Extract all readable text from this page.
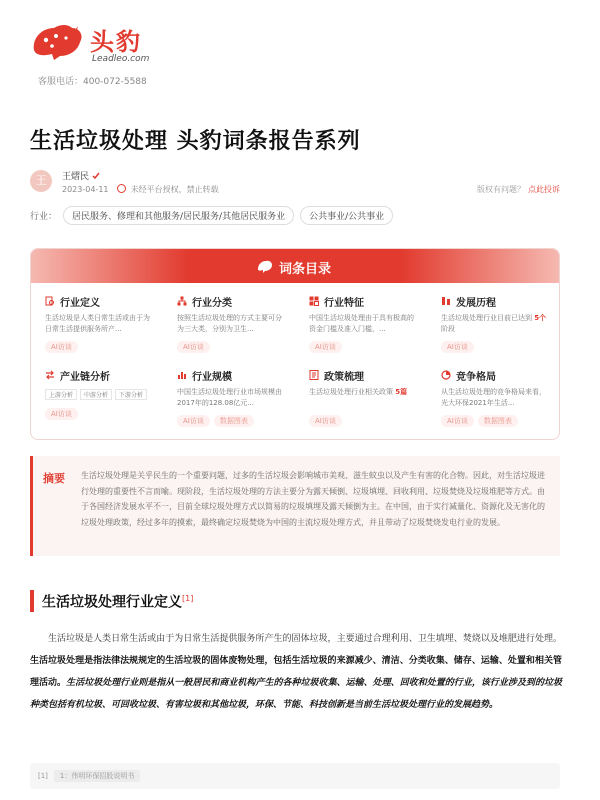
头豹
Leadleo.com
客服电话：400-072-5588
生活垃圾处理 头豹词条报告系列
王	王熠民
2023-04-11	未经平台授权，禁止转载	版权有问题？ 点此投诉
行业：	居民服务、修理和其他服务/居民服务/其他居民服务业	公共事业/公共事业
词条目录
行业定义
生活垃圾是人类日常生活或由于为日常生活提供服务所产...
AI访谈
行业分类
按照生活垃圾处理的方式主要可分为三大类，分别为卫生...
AI访谈
行业特征
中国生活垃圾处理由于具有极高的资金门槛及准入门槛，...
AI访谈
发展历程
生活垃圾处理行业目前已达到 5个阶段
AI访谈
产业链分析
上游分析	中游分析	下游分析
AI访谈
行业规模
中国生活垃圾处理行业市场规模由2017年的128.08亿元...
AI访谈	数据图表
政策梳理
生活垃圾处理行业相关政策 5篇
AI访谈
竞争格局
从生活垃圾处理的竞争格局来看，光大环保2021年生活...
AI访谈	数据图表
摘要 生活垃圾处理是关乎民生的一个重要问题，过多的生活垃圾会影响城市美观、滋生蚊虫以及产生有害的化合物。因此，对生活垃圾进行处理的重要性不言而喻。现阶段，生活垃圾处理的方法主要分为露天倾倒、垃圾填埋、回收利用、垃圾焚烧及垃圾堆肥等方式。由于各国经济发展水平不一，目前全球垃圾处理方式以简易的垃圾填埋及露天倾倒为主。在中国，由于实行减量化、资源化及无害化的垃圾处理政策，经过多年的摸索，最终确定垃圾焚烧为中国的主流垃圾处理方式，并且带动了垃圾焚烧发电行业的发展。

生活垃圾处理行业定义[1]

生活垃圾是人类日常生活或由于为日常生活提供服务所产生的固体垃圾，主要通过合理利用、卫生填埋、焚烧以及堆肥进行处理。生活垃圾处理是指法律法规规定的生活垃圾的固体废物处理，包括生活垃圾的来源减少、清洁、分类收集、储存、运输、处置和相关管理活动。生活垃圾处理行业则是指从一般居民和商业机构产生的各种垃圾收集、运输、处理、回收和处置的行业，该行业涉及到的垃圾种类包括有机垃圾、可回收垃圾、有害垃圾和其他垃圾，环保、节能、科技创新是当前生活垃圾处理行业的发展趋势。

[1] 1：伟明环保招股说明书
